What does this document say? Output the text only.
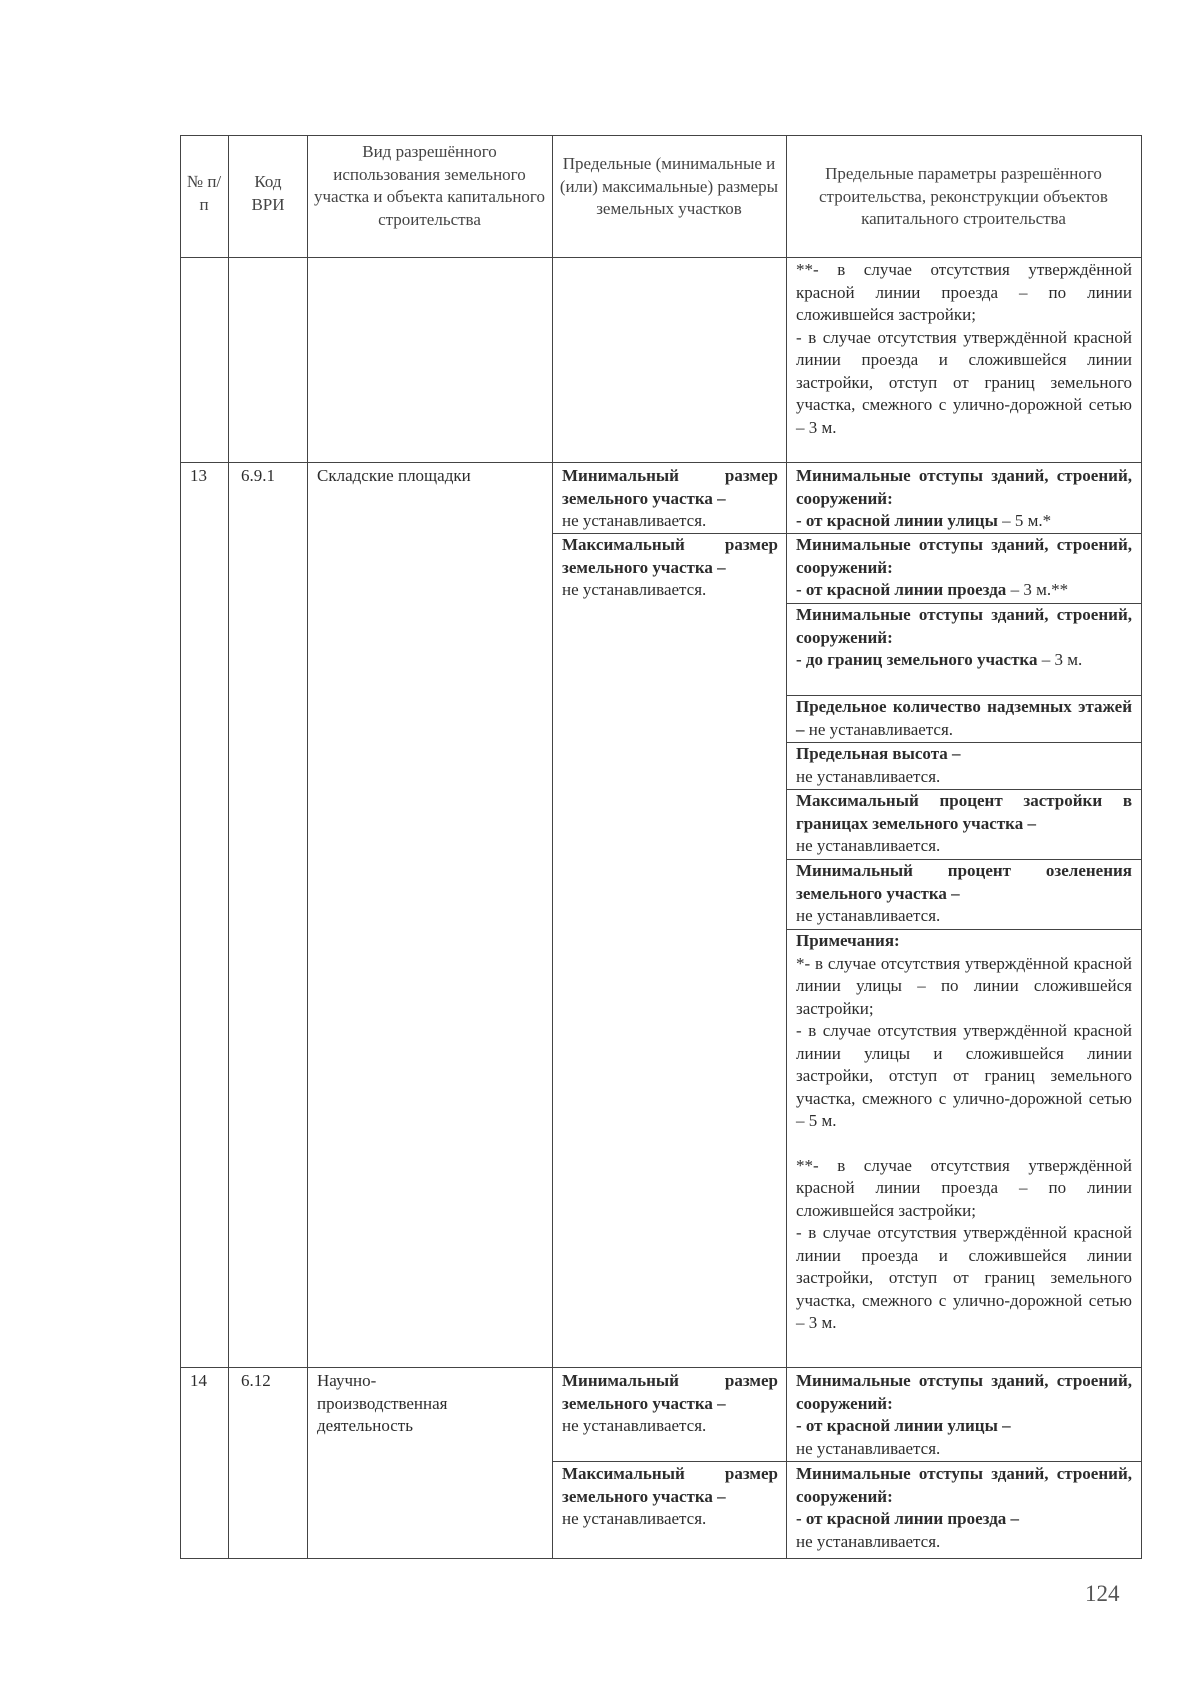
№ п/п
Код ВРИ
Вид разрешённого использования земельного участка и объекта капитального строительства
Предельные (минимальные и (или) максимальные) размеры земельных участков
Предельные параметры разрешённого строительства, реконструкции объектов капитального строительства
**- в случае отсутствия утверждённой красной линии проезда – по линии сложившейся застройки;
- в случае отсутствия утверждённой красной линии проезда и сложившейся линии застройки, отступ от границ земельного участка, смежного с улично-дорожной сетью – 3 м.
13 6.9.1 Складские площадки	Минимальный размер земельного участка –
не устанавливается.
Максимальный размер земельного участка –
не устанавливается.
Минимальные отступы зданий, строений, сооружений:
- от красной линии улицы – 5 м.*
Минимальные отступы зданий, строений, сооружений:
- от красной линии проезда – 3 м.**
Минимальные отступы зданий, строений, сооружений:
- до границ земельного участка – 3 м.
Предельное количество надземных этажей – не устанавливается.
Предельная высота –
не устанавливается.
Максимальный процент застройки в границах земельного участка –
не устанавливается.
Минимальный процент озеленения земельного участка –
не устанавливается.
Примечания:
*- в случае отсутствия утверждённой красной линии улицы – по линии сложившейся застройки;
- в случае отсутствия утверждённой красной линии улицы и сложившейся линии застройки, отступ от границ земельного участка, смежного с улично-дорожной сетью – 5 м.
**- в случае отсутствия утверждённой красной линии проезда – по линии сложившейся застройки;
- в случае отсутствия утверждённой красной линии проезда и сложившейся линии застройки, отступ от границ земельного участка, смежного с улично-дорожной сетью – 3 м.
14 6.12	Научно-производственная деятельность
Минимальный размер земельного участка –
не устанавливается.
Максимальный размер земельного участка –
не устанавливается.
Минимальные отступы зданий, строений, сооружений:
- от красной линии улицы –
не устанавливается.
Минимальные отступы зданий, строений, сооружений:
- от красной линии проезда –
не устанавливается.
124
